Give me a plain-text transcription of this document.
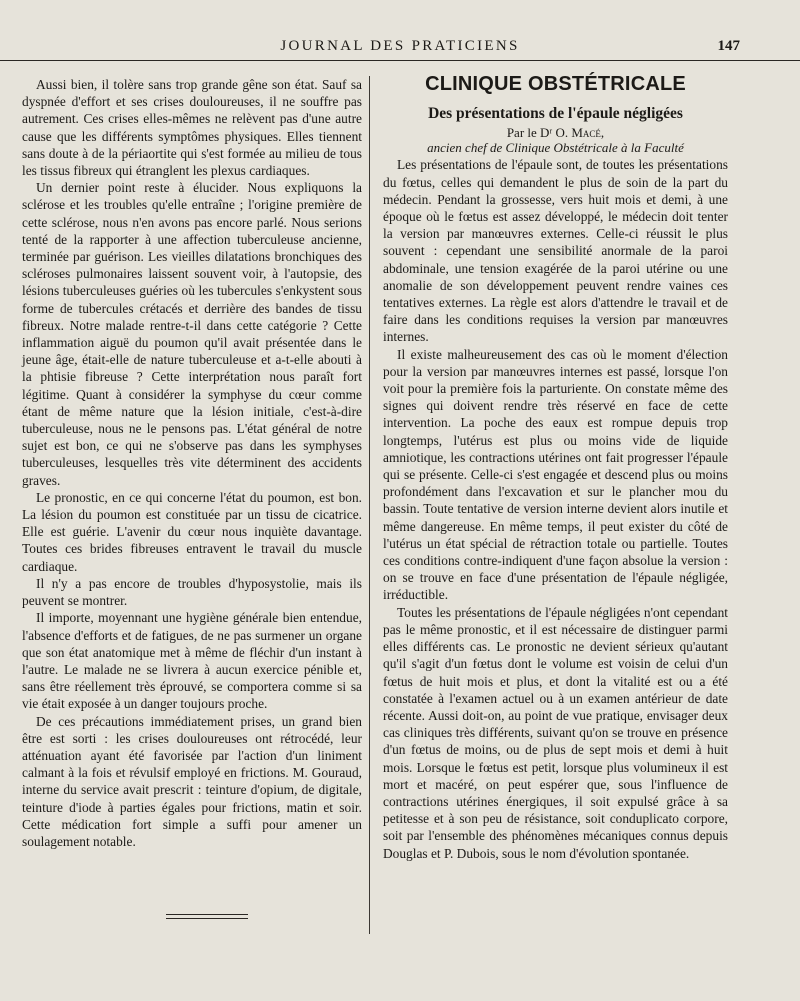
JOURNAL DES PRATICIENS	147

Aussi bien, il tolère sans trop grande gêne son état. Sauf sa dyspnée d'effort et ses crises douloureuses, il ne souffre pas autrement. Ces crises elles-mêmes ne relèvent pas d'une autre cause que les différents symptômes physiques. Elles tiennent sans doute à de la périaortite qui s'est formée au milieu de tous les tissus fibreux qui étranglent les plexus cardiaques.

Un dernier point reste à élucider. Nous expliquons la sclérose et les troubles qu'elle entraîne ; l'origine première de cette sclérose, nous n'en avons pas encore parlé. Nous serions tenté de la rapporter à une affection tuberculeuse ancienne, terminée par guérison. Les vieilles dilatations bronchiques des scléroses pulmonaires laissent souvent voir, à l'autopsie, des lésions tuberculeuses guéries où les tubercules s'enkystent sous forme de tubercules crétacés et derrière des bandes de tissu fibreux. Notre malade rentre-t-il dans cette catégorie ? Cette inflammation aiguë du poumon qu'il avait présentée dans le jeune âge, était-elle de nature tuberculeuse et a-t-elle abouti à la phtisie fibreuse ? Cette interprétation nous paraît fort légitime. Quant à considérer la symphyse du cœur comme étant de même nature que la lésion initiale, c'est-à-dire tuberculeuse, nous ne le pensons pas. L'état général de notre sujet est bon, ce qui ne s'observe pas dans les symphyses tuberculeuses, lesquelles très vite déterminent des accidents graves.

Le pronostic, en ce qui concerne l'état du poumon, est bon. La lésion du poumon est constituée par un tissu de cicatrice. Elle est guérie. L'avenir du cœur nous inquiète davantage. Toutes ces brides fibreuses entravent le travail du muscle cardiaque.

Il n'y a pas encore de troubles d'hyposystolie, mais ils peuvent se montrer.

Il importe, moyennant une hygiène générale bien entendue, l'absence d'efforts et de fatigues, de ne pas surmener un organe que son état anatomique met à même de fléchir d'un instant à l'autre. Le malade ne se livrera à aucun exercice pénible et, sans être réellement très éprouvé, se comportera comme si sa vie était exposée à un danger toujours proche.

De ces précautions immédiatement prises, un grand bien être est sorti : les crises douloureuses ont rétrocédé, leur atténuation ayant été favorisée par l'action d'un liniment calmant à la fois et révulsif employé en frictions. M. Gouraud, interne du service avait prescrit : teinture d'opium, de digitale, teinture d'iode à parties égales pour frictions, matin et soir. Cette médication fort simple a suffi pour amener un soulagement notable.

CLINIQUE OBSTÉTRICALE
Des présentations de l'épaule négligées
Par le Dʳ O. Macé,
ancien chef de Clinique Obstétricale à la Faculté

Les présentations de l'épaule sont, de toutes les présentations du fœtus, celles qui demandent le plus de soin de la part du médecin. Pendant la grossesse, vers huit mois et demi, à une époque où le fœtus est assez développé, le médecin doit tenter la version par manœuvres externes. Celle-ci réussit le plus souvent : cependant une sensibilité anormale de la paroi abdominale, une tension exagérée de la paroi utérine ou une anomalie de son développement peuvent rendre vaines ces tentatives externes. La règle est alors d'attendre le travail et de faire dans les conditions requises la version par manœuvres internes.

Il existe malheureusement des cas où le moment d'élection pour la version par manœuvres internes est passé, lorsque l'on voit pour la première fois la parturiente. On constate même des signes qui doivent rendre très réservé en face de cette intervention. La poche des eaux est rompue depuis trop longtemps, l'utérus est plus ou moins vide de liquide amniotique, les contractions utérines ont fait progresser l'épaule qui se présente. Celle-ci s'est engagée et descend plus ou moins profondément dans l'excavation et sur le plancher mou du bassin. Toute tentative de version interne devient alors inutile et même dangereuse. En même temps, il peut exister du côté de l'utérus un état spécial de rétraction totale ou partielle. Toutes ces conditions contre-indiquent d'une façon absolue la version : on se trouve en face d'une présentation de l'épaule négligée, irréductible.

Toutes les présentations de l'épaule négligées n'ont cependant pas le même pronostic, et il est nécessaire de distinguer parmi elles différents cas. Le pronostic ne devient sérieux qu'autant qu'il s'agit d'un fœtus dont le volume est voisin de celui d'un fœtus de huit mois et plus, et dont la vitalité est ou a été constatée à l'examen actuel ou à un examen antérieur de date récente. Aussi doit-on, au point de vue pratique, envisager deux cas cliniques très différents, suivant qu'on se trouve en présence d'un fœtus de moins, ou de plus de sept mois et demi à huit mois. Lorsque le fœtus est petit, lorsque plus volumineux il est mort et macéré, on peut espérer que, sous l'influence de contractions utérines énergiques, il soit expulsé grâce à sa petitesse et à son peu de résistance, soit conduplicato corpore, soit par l'ensemble des phénomènes mécaniques connus depuis Douglas et P. Dubois, sous le nom d'évolution spontanée.
